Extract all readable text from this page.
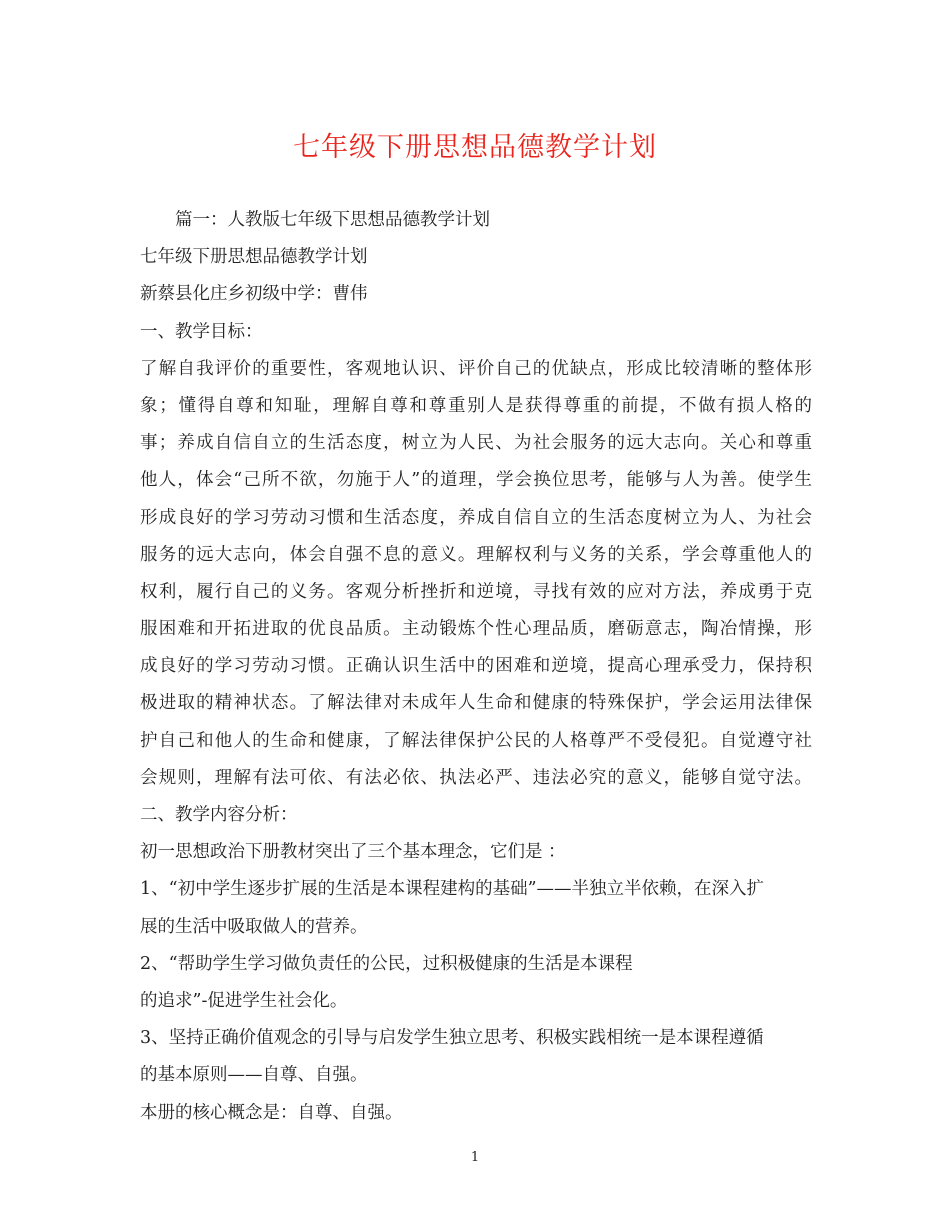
七年级下册思想品德教学计划
篇一：人教版七年级下思想品德教学计划
七年级下册思想品德教学计划
新蔡县化庄乡初级中学：曹伟
一、教学目标：
了解自我评价的重要性，客观地认识、评价自己的优缺点，形成比较清晰的整体形
象；懂得自尊和知耻，理解自尊和尊重别人是获得尊重的前提，不做有损人格的
事；养成自信自立的生活态度，树立为人民、为社会服务的远大志向。关心和尊重
他人，体会“己所不欲，勿施于人”的道理，学会换位思考，能够与人为善。使学生
形成良好的学习劳动习惯和生活态度，养成自信自立的生活态度树立为人、为社会
服务的远大志向，体会自强不息的意义。理解权利与义务的关系，学会尊重他人的
权利，履行自己的义务。客观分析挫折和逆境，寻找有效的应对方法，养成勇于克
服困难和开拓进取的优良品质。主动锻炼个性心理品质，磨砺意志，陶冶情操，形
成良好的学习劳动习惯。正确认识生活中的困难和逆境，提高心理承受力，保持积
极进取的精神状态。了解法律对未成年人生命和健康的特殊保护，学会运用法律保
护自己和他人的生命和健康，了解法律保护公民的人格尊严不受侵犯。自觉遵守社
会规则，理解有法可依、有法必依、执法必严、违法必究的意义，能够自觉守法。
二、教学内容分析：
初一思想政治下册教材突出了三个基本理念，它们是 ：
1、“初中学生逐步扩展的生活是本课程建构的基础”——半独立半依赖，在深入扩
展的生活中吸取做人的营养。
2、“帮助学生学习做负责任的公民，过积极健康的生活是本课程
的追求”-促进学生社会化。
3、坚持正确价值观念的引导与启发学生独立思考、积极实践相统一是本课程遵循
的基本原则——自尊、自强。
本册的核心概念是：自尊、自强。
1
